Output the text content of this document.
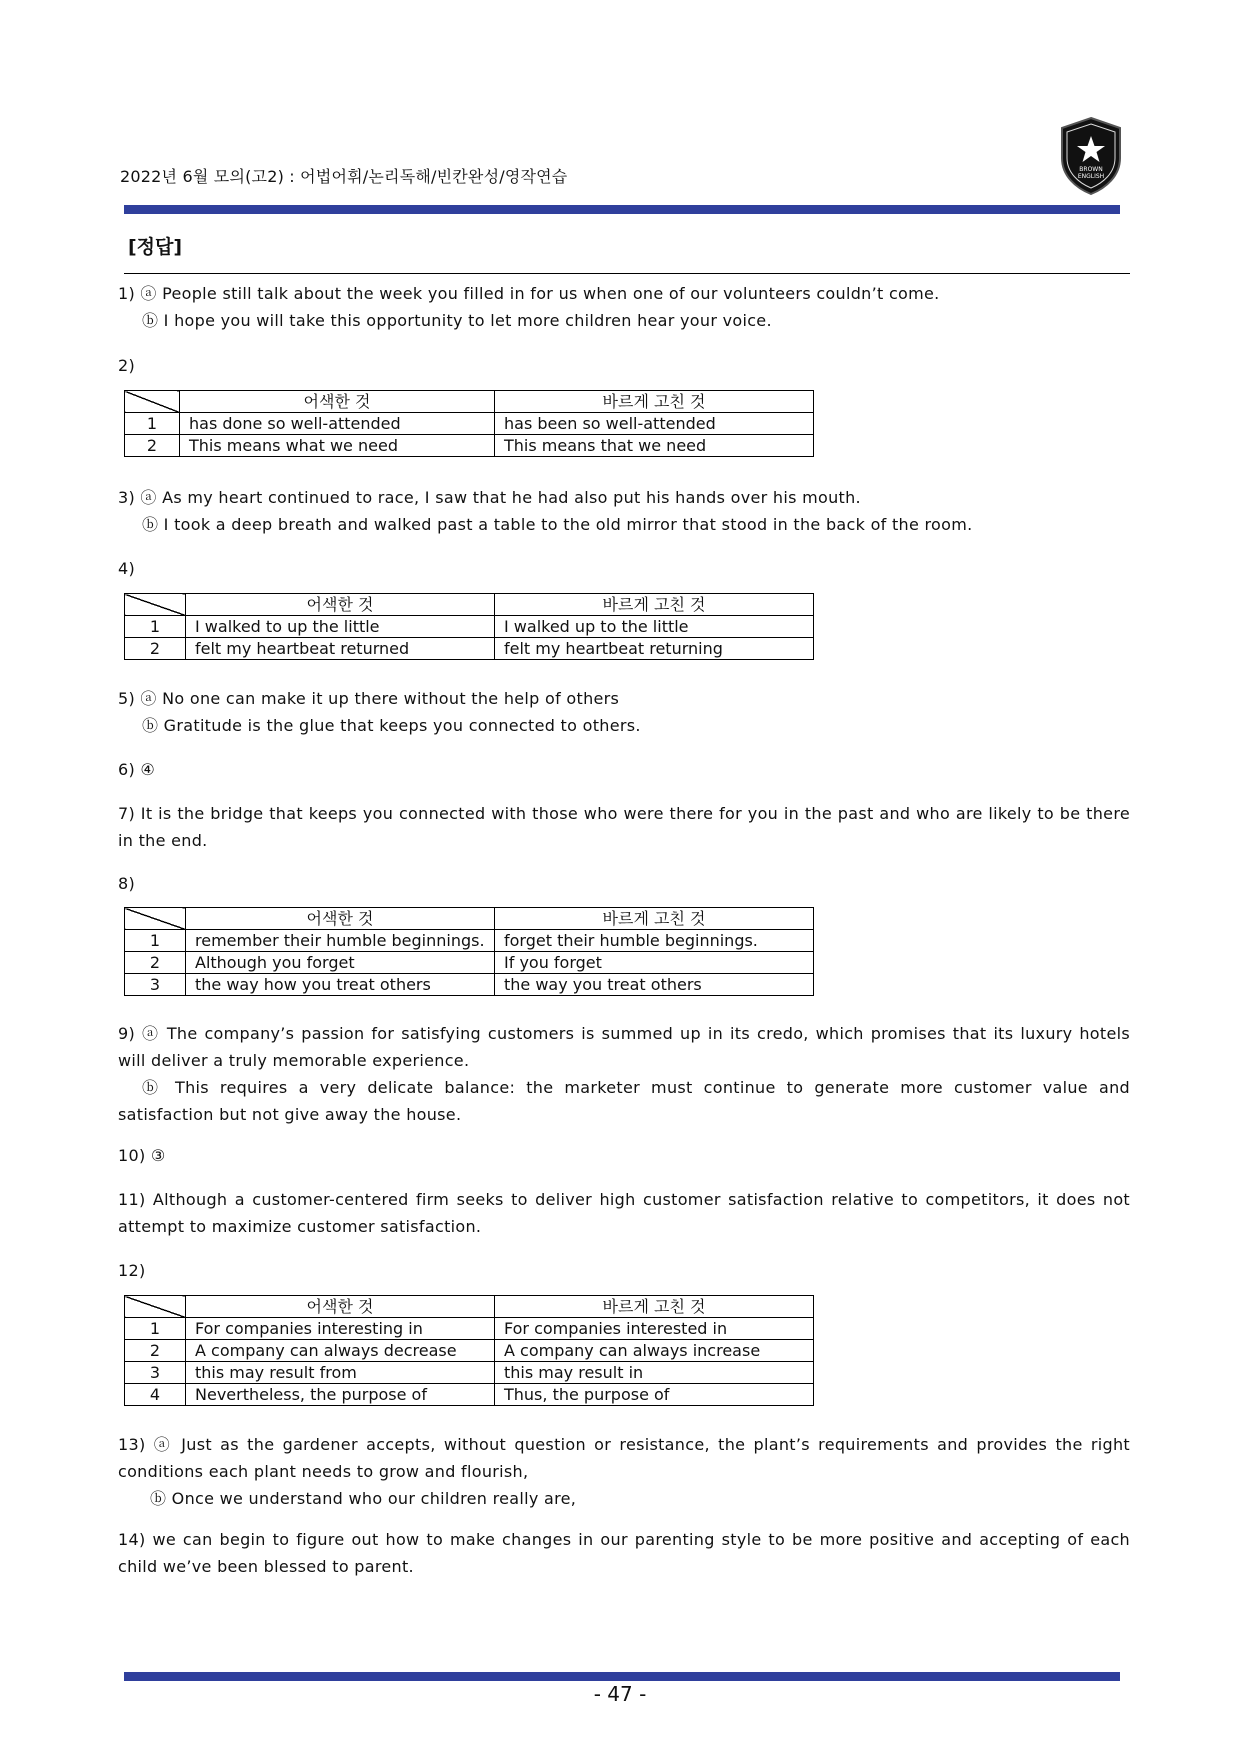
2022년 6월 모의(고2) : 어법어휘/논리독해/빈칸완성/영작연습	BROWN
ENGLISH
[정답]
1) ⓐ People still talk about the week you filled in for us when one of our volunteers couldn’t come.
ⓑ I hope you will take this opportunity to let more children hear your voice.
2)
	어색한 것	바르게 고친 것
1	has done so well-attended	has been so well-attended
2	This means what we need	This means that we need
3) ⓐ As my heart continued to race, I saw that he had also put his hands over his mouth.
ⓑ I took a deep breath and walked past a table to the old mirror that stood in the back of the room.
4)
	어색한 것	바르게 고친 것
1	I walked to up the little	I walked up to the little
2	felt my heartbeat returned	felt my heartbeat returning
5) ⓐ No one can make it up there without the help of others
ⓑ Gratitude is the glue that keeps you connected to others.
6) ④
7) It is the bridge that keeps you connected with those who were there for you in the past and who are likely to be there in the end.
8)
	어색한 것	바르게 고친 것
1	remember their humble beginnings.	forget their humble beginnings.
2	Although you forget	If you forget
3	the way how you treat others	the way you treat others
9) ⓐ The company’s passion for satisfying customers is summed up in its credo, which promises that its luxury hotels will deliver a truly memorable experience.
ⓑ This requires a very delicate balance: the marketer must continue to generate more customer value and satisfaction but not give away the house.
10) ③
11) Although a customer-centered firm seeks to deliver high customer satisfaction relative to competitors, it does not attempt to maximize customer satisfaction.
12)
	어색한 것	바르게 고친 것
1	For companies interesting in	For companies interested in
2	A company can always decrease	A company can always increase
3	this may result from	this may result in
4	Nevertheless, the purpose of	Thus, the purpose of
13) ⓐ Just as the gardener accepts, without question or resistance, the plant’s requirements and provides the right conditions each plant needs to grow and flourish,
ⓑ Once we understand who our children really are,
14) we can begin to figure out how to make changes in our parenting style to be more positive and accepting of each child we’ve been blessed to parent.
- 47 -
